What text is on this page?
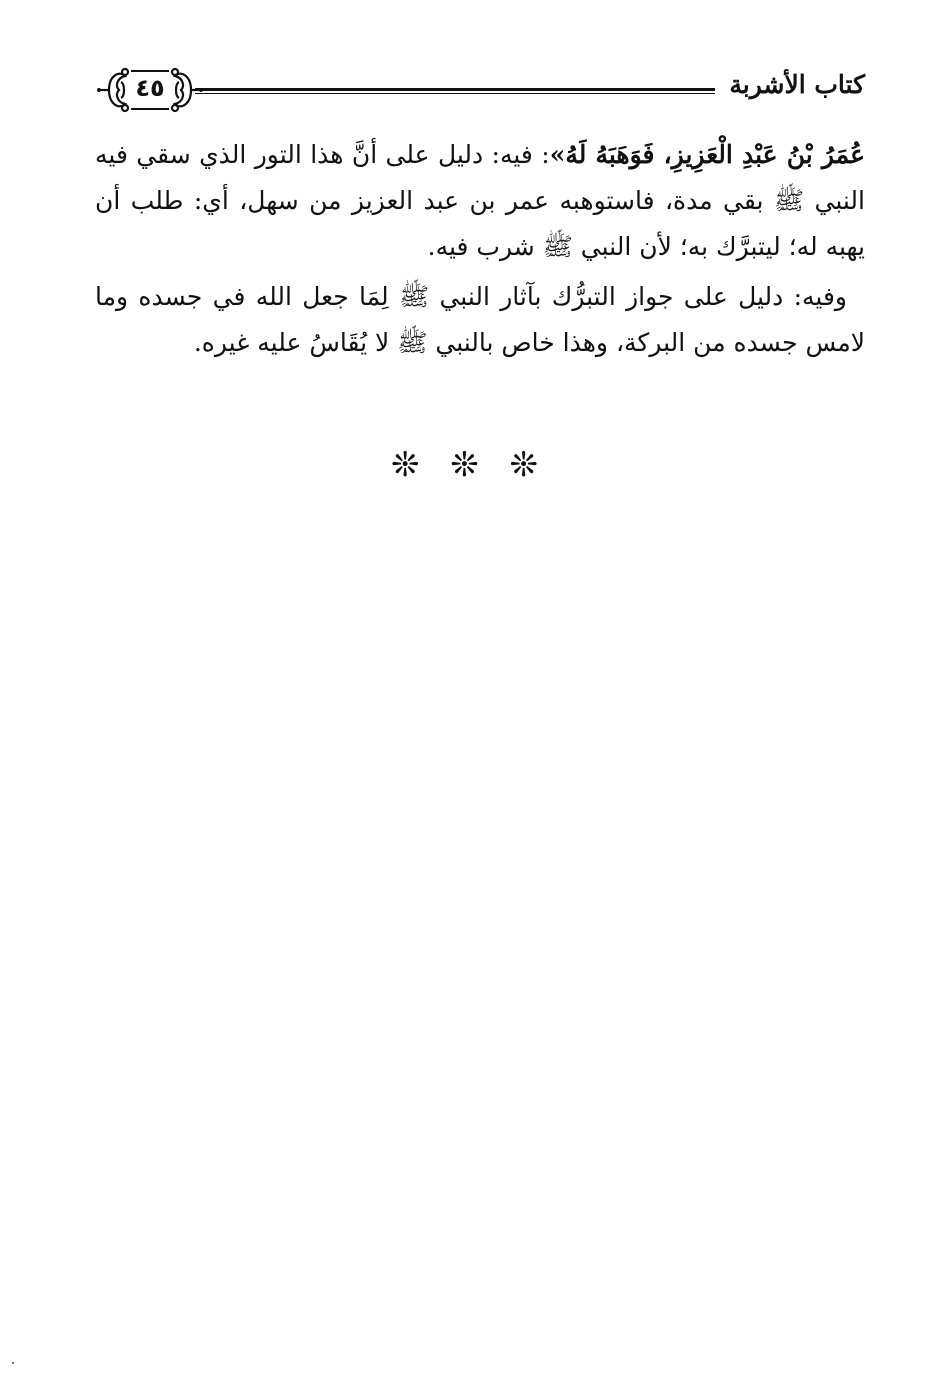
كتاب الأشربة
٤٥

عُمَرُ بْنُ عَبْدِ الْعَزِيزِ، فَوَهَبَهُ لَهُ»: فيه: دليل على أنَّ هذا التور الذي سقي فيه النبي ﷺ بقي مدة، فاستوهبه عمر بن عبد العزيز من سهل، أي: طلب أن يهبه له؛ ليتبرَّك به؛ لأن النبي ﷺ شرب فيه.

وفيه: دليل على جواز التبرُّك بآثار النبي ﷺ لِمَا جعل الله في جسده وما لامس جسده من البركة، وهذا خاص بالنبي ﷺ لا يُقَاسُ عليه غيره.

❊ ❊ ❊
